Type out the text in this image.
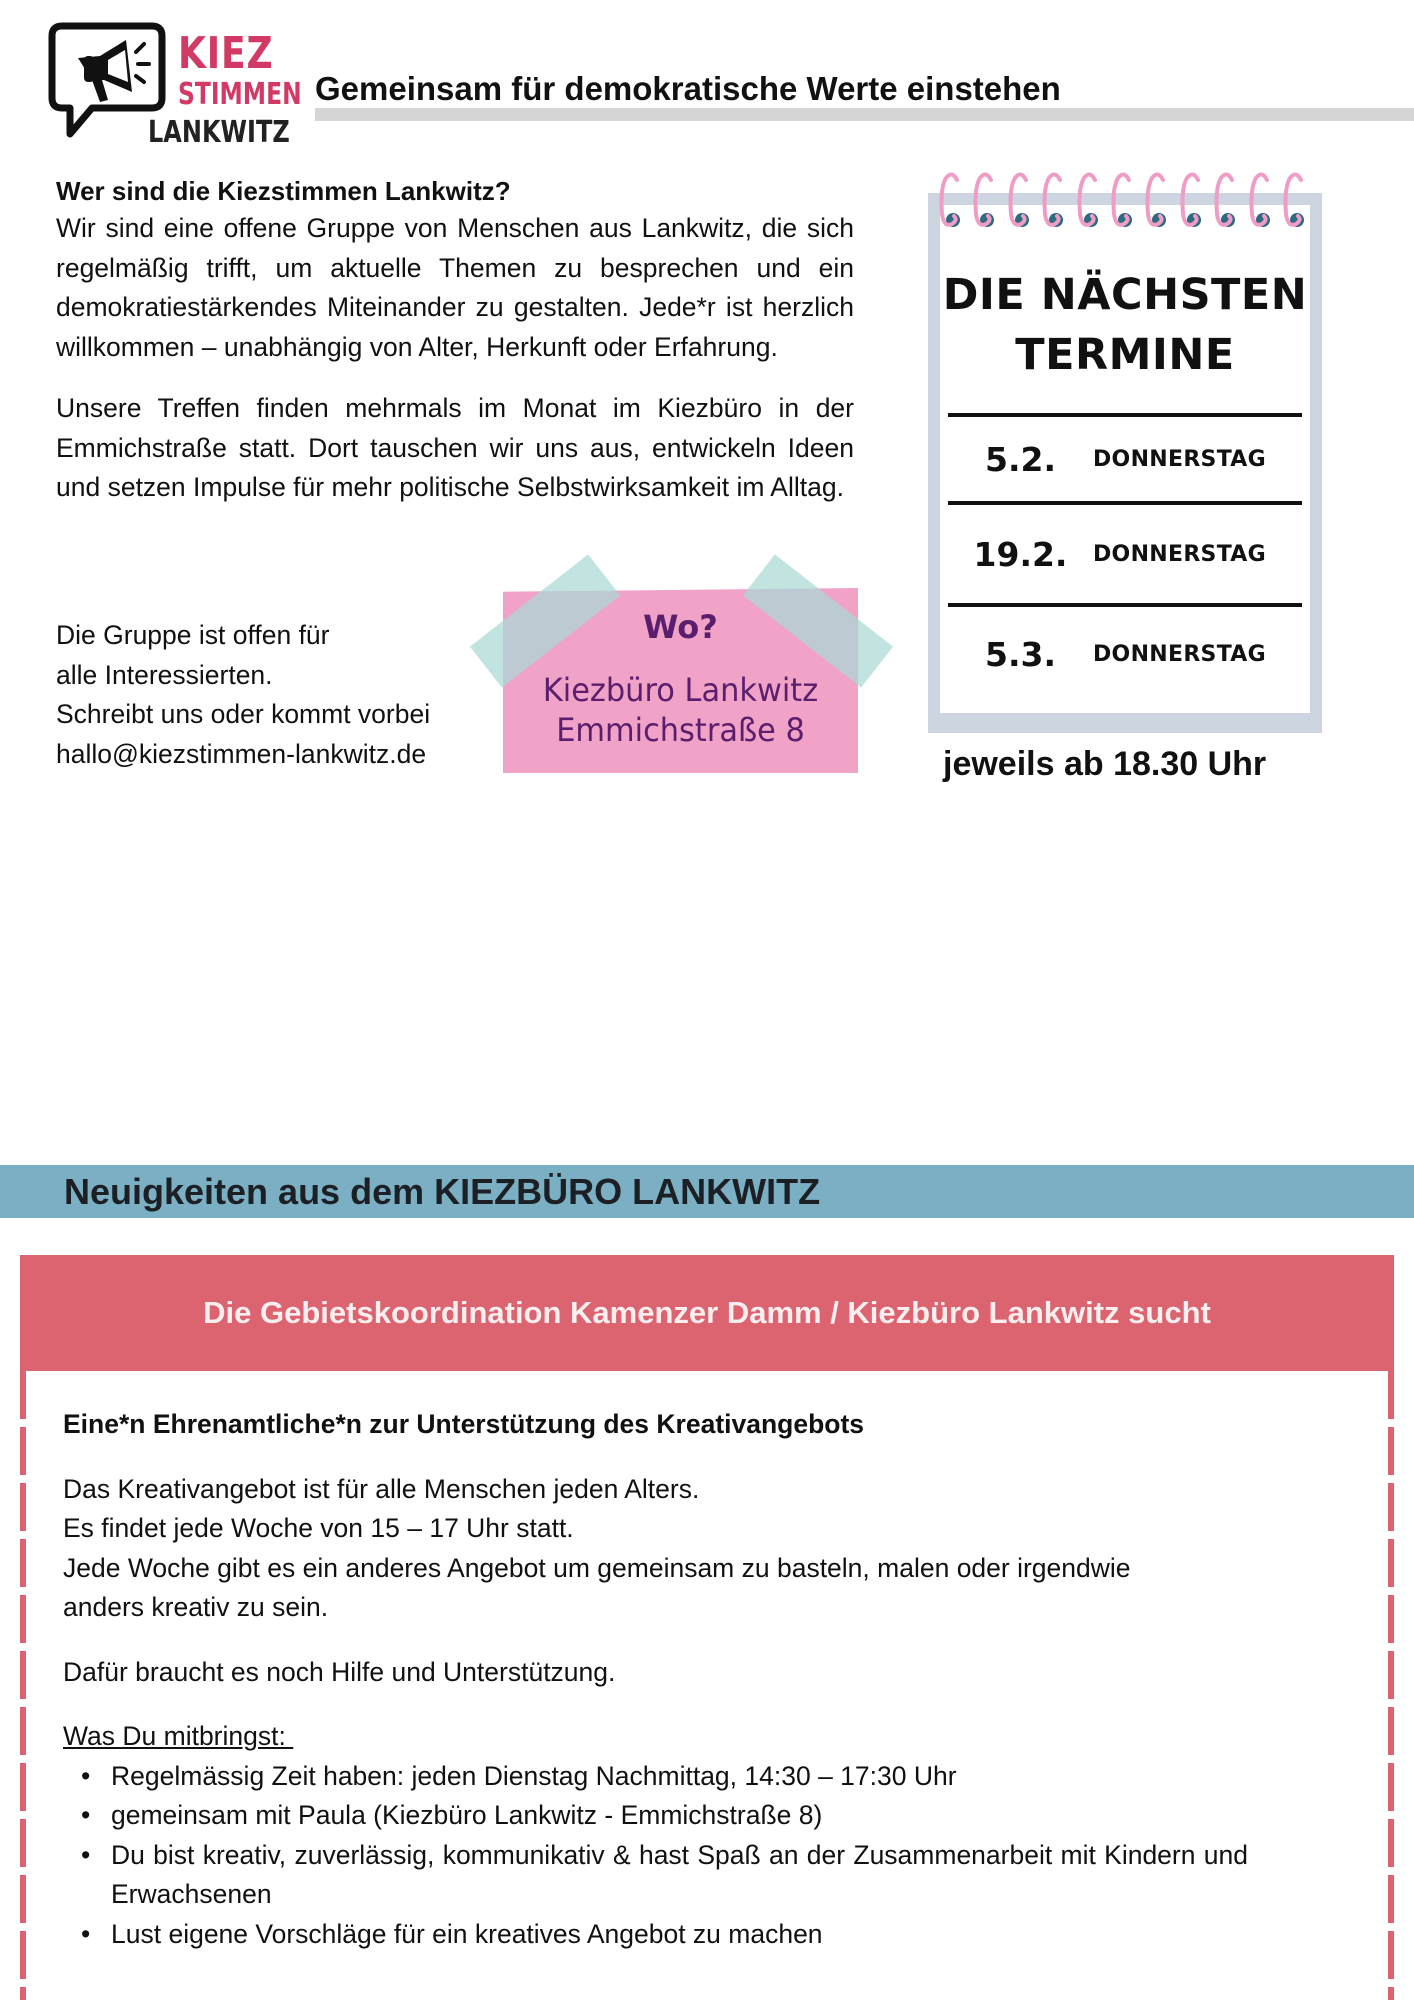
KIEZ
STIMMEN
LANKWITZ
Gemeinsam für demokratische Werte einstehen
Wer sind die Kiezstimmen Lankwitz?

Wir sind eine offene Gruppe von Menschen aus Lankwitz, die sich regelmäßig trifft, um aktuelle Themen zu besprechen und ein demokratiestärkendes Miteinander zu gestalten. Jede*r ist herzlich willkommen – unabhängig von Alter, Herkunft oder Erfahrung.

Unsere Treffen finden mehrmals im Monat im Kiezbüro in der Emmichstraße statt. Dort tauschen wir uns aus, entwickeln Ideen und setzen Impulse für mehr politische Selbstwirksamkeit im Alltag.

Die Gruppe ist offen für
alle Interessierten.
Schreibt uns oder kommt vorbei
hallo@kiezstimmen-lankwitz.de
Wo?
Kiezbüro Lankwitz
Emmichstraße 8
DIE NÄCHSTEN
TERMINE
5.2.	DONNERSTAG
19.2.	DONNERSTAG
5.3.	DONNERSTAG
jeweils ab 18.30 Uhr
Neuigkeiten aus dem KIEZBÜRO LANKWITZ
Die Gebietskoordination Kamenzer Damm / Kiezbüro Lankwitz sucht
Eine*n Ehrenamtliche*n zur Unterstützung des Kreativangebots
Das Kreativangebot ist für alle Menschen jeden Alters.
Es findet jede Woche von 15 – 17 Uhr statt.
Jede Woche gibt es ein anderes Angebot um gemeinsam zu basteln, malen oder irgendwie anders kreativ zu sein.

Dafür braucht es noch Hilfe und Unterstützung.

Was Du mitbringst:
• Regelmässig Zeit haben: jeden Dienstag Nachmittag, 14:30 – 17:30 Uhr
• gemeinsam mit Paula (Kiezbüro Lankwitz - Emmichstraße 8)
• Du bist kreativ, zuverlässig, kommunikativ & hast Spaß an der Zusammenarbeit mit Kindern und Erwachsenen
• Lust eigene Vorschläge für ein kreatives Angebot zu machen
